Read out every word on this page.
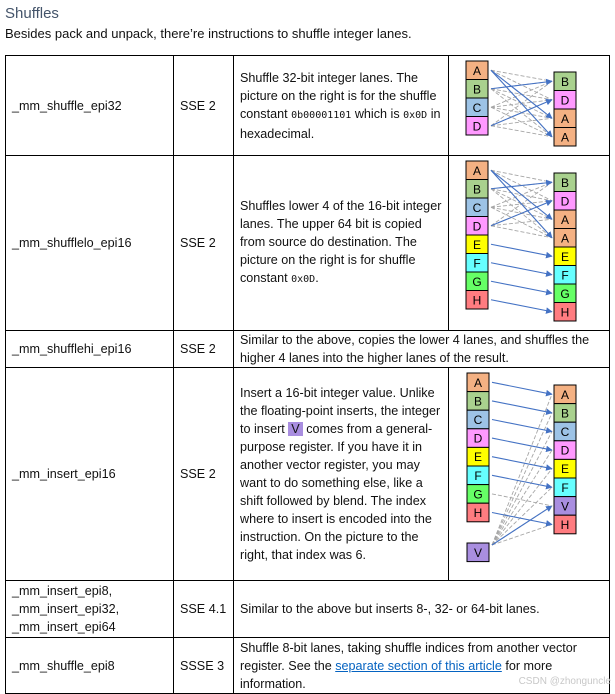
Shuffles
Besides pack and unpack, there’re instructions to shuffle integer lanes.
_mm_shuffle_epi32	SSE 2	Shuffle 32-bit integer lanes. The picture on the right is for the shuffle constant 0b00001101 which is 0x0D in hexadecimal.	
A
B
C
D
B
D
A
A

_mm_shufflelo_epi16	SSE 2	Shuffles lower 4 of the 16-bit integer lanes. The upper 64 bit is copied from source do destination. The picture on the right is for shuffle constant 0x0D.	
A
B
C
D
E
F
G
H
B
D
A
A
E
F
G
H

_mm_shufflehi_epi16	SSE 2	Similar to the above, copies the lower 4 lanes, and shuffles the higher 4 lanes into the higher lanes of the result.	
_mm_insert_epi16	SSE 2	Insert a 16-bit integer value. Unlike the floating-point inserts, the integer to insert V comes from a general-purpose register. If you have it in another vector register, you may want to do something else, like a shift followed by blend. The index where to insert is encoded into the instruction. On the picture to the right, that index was 6.	
A
B
C
D
E
F
G
H
V
A
B
C
D
E
F
V
H

_mm_insert_epi8,
_mm_insert_epi32,
_mm_insert_epi64	SSE 4.1	Similar to the above but inserts 8-, 32- or 64-bit lanes.	
_mm_shuffle_epi8	SSSE 3	Shuffle 8-bit lanes, taking shuffle indices from another vector register. See the separate section of this article for more information.		CSDN @zhonguncle
